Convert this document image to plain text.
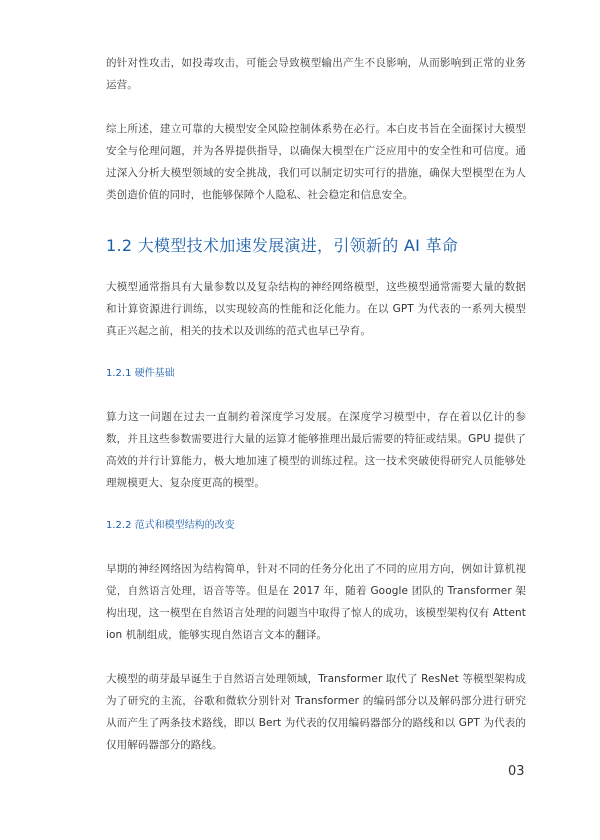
的针对性攻击，如投毒攻击，可能会导致模型输出产生不良影响，从而影响到正常的业务运营。

综上所述，建立可靠的大模型安全风险控制体系势在必行。本白皮书旨在全面探讨大模型安全与伦理问题，并为各界提供指导，以确保大模型在广泛应用中的安全性和可信度。通过深入分析大模型领域的安全挑战，我们可以制定切实可行的措施，确保大型模型在为人类创造价值的同时，也能够保障个人隐私、社会稳定和信息安全。

1.2 大模型技术加速发展演进，引领新的 AI 革命

大模型通常指具有大量参数以及复杂结构的神经网络模型，这些模型通常需要大量的数据和计算资源进行训练，以实现较高的性能和泛化能力。在以 GPT 为代表的一系列大模型真正兴起之前，相关的技术以及训练的范式也早已孕育。

1.2.1 硬件基础

算力这一问题在过去一直制约着深度学习发展。在深度学习模型中，存在着以亿计的参数，并且这些参数需要进行大量的运算才能够推理出最后需要的特征或结果。GPU 提供了高效的并行计算能力，极大地加速了模型的训练过程。这一技术突破使得研究人员能够处理规模更大、复杂度更高的模型。

1.2.2 范式和模型结构的改变

早期的神经网络因为结构简单，针对不同的任务分化出了不同的应用方向，例如计算机视觉，自然语言处理，语音等等。但是在 2017 年，随着 Google 团队的 Transformer 架构出现，这一模型在自然语言处理的问题当中取得了惊人的成功，该模型架构仅有 Attention 机制组成，能够实现自然语言文本的翻译。

大模型的萌芽最早诞生于自然语言处理领域，Transformer 取代了 ResNet 等模型架构成为了研究的主流，谷歌和微软分别针对 Transformer 的编码部分以及解码部分进行研究从而产生了两条技术路线，即以 Bert 为代表的仅用编码器部分的路线和以 GPT 为代表的仅用解码器部分的路线。

03
